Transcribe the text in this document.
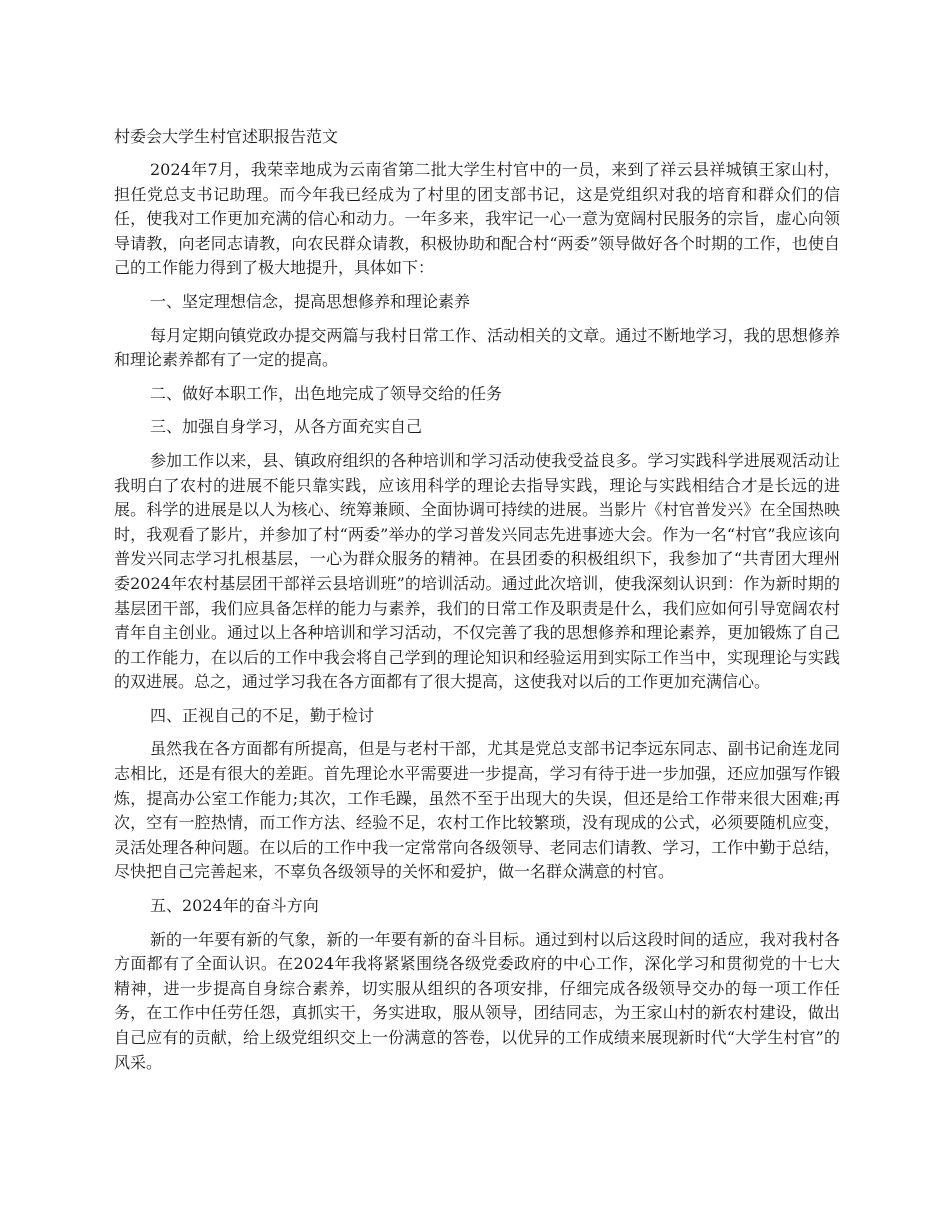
村委会大学生村官述职报告范文

2024年7月，我荣幸地成为云南省第二批大学生村官中的一员，来到了祥云县祥城镇王家山村，担任党总支书记助理。而今年我已经成为了村里的团支部书记，这是党组织对我的培育和群众们的信任，使我对工作更加充满的信心和动力。一年多来，我牢记一心一意为宽阔村民服务的宗旨，虚心向领导请教，向老同志请教，向农民群众请教，积极协助和配合村“两委”领导做好各个时期的工作，也使自己的工作能力得到了极大地提升，具体如下：

一、坚定理想信念，提高思想修养和理论素养

每月定期向镇党政办提交两篇与我村日常工作、活动相关的文章。通过不断地学习，我的思想修养和理论素养都有了一定的提高。

二、做好本职工作，出色地完成了领导交给的任务

三、加强自身学习，从各方面充实自己

参加工作以来，县、镇政府组织的各种培训和学习活动使我受益良多。学习实践科学进展观活动让我明白了农村的进展不能只靠实践，应该用科学的理论去指导实践，理论与实践相结合才是长远的进展。科学的进展是以人为核心、统筹兼顾、全面协调可持续的进展。当影片《村官普发兴》在全国热映时，我观看了影片，并参加了村“两委”举办的学习普发兴同志先进事迹大会。作为一名“村官”我应该向普发兴同志学习扎根基层，一心为群众服务的精神。在县团委的积极组织下，我参加了“共青团大理州委2024年农村基层团干部祥云县培训班”的培训活动。通过此次培训，使我深刻认识到：作为新时期的基层团干部，我们应具备怎样的能力与素养，我们的日常工作及职责是什么，我们应如何引导宽阔农村青年自主创业。通过以上各种培训和学习活动，不仅完善了我的思想修养和理论素养，更加锻炼了自己的工作能力，在以后的工作中我会将自己学到的理论知识和经验运用到实际工作当中，实现理论与实践的双进展。总之，通过学习我在各方面都有了很大提高，这使我对以后的工作更加充满信心。

四、正视自己的不足，勤于检讨

虽然我在各方面都有所提高，但是与老村干部，尤其是党总支部书记李远东同志、副书记俞连龙同志相比，还是有很大的差距。首先理论水平需要进一步提高，学习有待于进一步加强，还应加强写作锻炼，提高办公室工作能力;其次，工作毛躁，虽然不至于出现大的失误，但还是给工作带来很大困难;再次，空有一腔热情，而工作方法、经验不足，农村工作比较繁琐，没有现成的公式，必须要随机应变，灵活处理各种问题。在以后的工作中我一定常常向各级领导、老同志们请教、学习，工作中勤于总结，尽快把自己完善起来，不辜负各级领导的关怀和爱护，做一名群众满意的村官。

五、2024年的奋斗方向

新的一年要有新的气象，新的一年要有新的奋斗目标。通过到村以后这段时间的适应，我对我村各方面都有了全面认识。在2024年我将紧紧围绕各级党委政府的中心工作，深化学习和贯彻党的十七大精神，进一步提高自身综合素养，切实服从组织的各项安排，仔细完成各级领导交办的每一项工作任务，在工作中任劳任怨，真抓实干，务实进取，服从领导，团结同志，为王家山村的新农村建设，做出自己应有的贡献，给上级党组织交上一份满意的答卷，以优异的工作成绩来展现新时代“大学生村官”的风采。
